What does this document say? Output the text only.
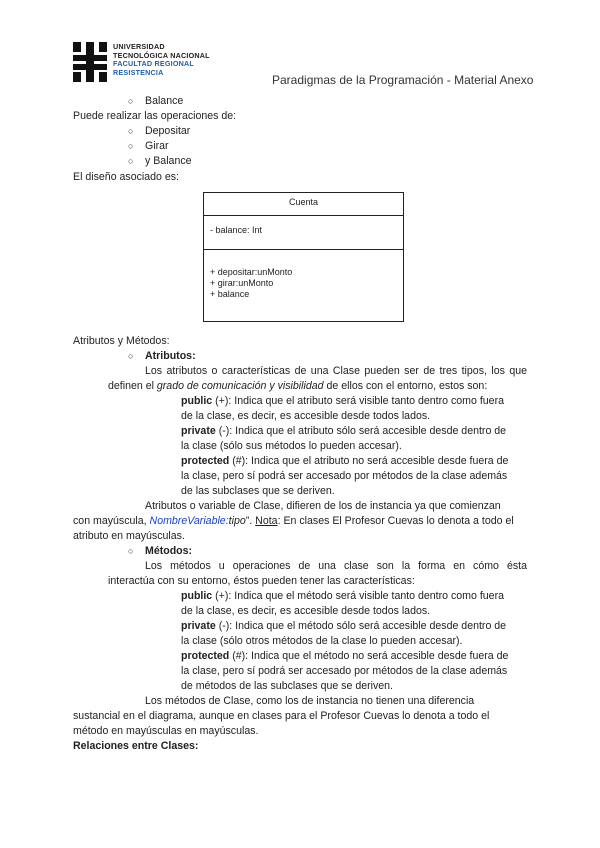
UNIVERSIDAD
TECNOLÓGICA NACIONAL
FACULTAD REGIONAL
RESISTENCIA
Paradigmas de la Programación - Material Anexo
○ Balance
Puede realizar las operaciones de:
○ Depositar
○ Girar
○ y Balance
El diseño asociado es:
Cuenta
- balance: Int
+ depositar:unMonto
+ girar:unMonto
+ balance
Atributos y Métodos:
○ Atributos:
Los atributos o características de una Clase pueden ser de tres tipos, los que
definen el grado de comunicación y visibilidad de ellos con el entorno, estos son:
public (+): Indica que el atributo será visible tanto dentro como fuera
de la clase, es decir, es accesible desde todos lados.
private (-): Indica que el atributo sólo será accesible desde dentro de
la clase (sólo sus métodos lo pueden accesar).
protected (#): Indica que el atributo no será accesible desde fuera de
la clase, pero sí podrá ser accesado por métodos de la clase además
de las subclases que se deriven.
Atributos o variable de Clase, difieren de los de instancia ya que comienzan
con mayúscula, NombreVariable:tipo”. Nota: En clases El Profesor Cuevas lo denota a todo el
atributo en mayúsculas.
○ Métodos:
Los métodos u operaciones de una clase son la forma en cómo ésta
interactúa con su entorno, éstos pueden tener las características:
public (+): Indica que el método será visible tanto dentro como fuera
de la clase, es decir, es accesible desde todos lados.
private (-): Indica que el método sólo será accesible desde dentro de
la clase (sólo otros métodos de la clase lo pueden accesar).
protected (#): Indica que el método no será accesible desde fuera de
la clase, pero sí podrá ser accesado por métodos de la clase además
de métodos de las subclases que se deriven.
Los métodos de Clase, como los de instancia no tienen una diferencia
sustancial en el diagrama, aunque en clases para el Profesor Cuevas lo denota a todo el
método en mayúsculas en mayúsculas.
Relaciones entre Clases:
